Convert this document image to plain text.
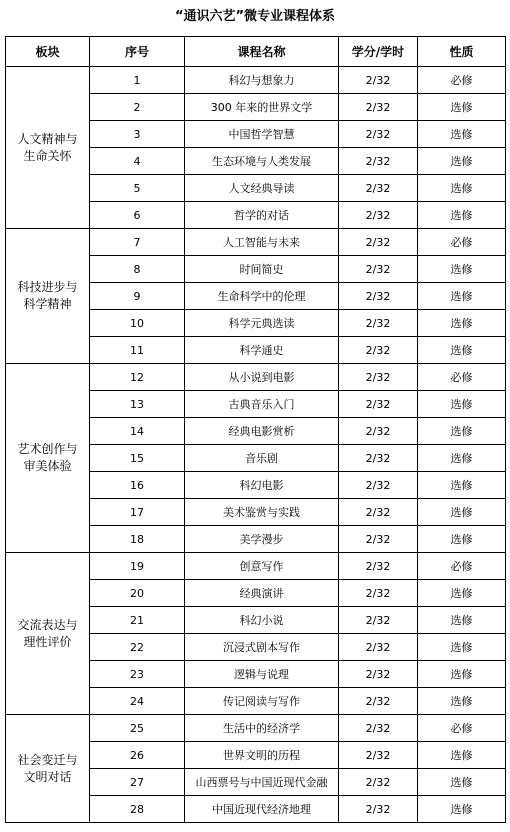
“通识六艺”微专业课程体系
板块	序号	课程名称	学分/学时	性质

人文精神与
生命关怀	1	科幻与想象力	2/32	必修
	2	300 年来的世界文学	2/32	选修
	3	中国哲学智慧	2/32	选修
	4	生态环境与人类发展	2/32	选修
	5	人文经典导读	2/32	选修
	6	哲学的对话	2/32	选修

科技进步与
科学精神	7	人工智能与未来	2/32	必修
	8	时间简史	2/32	选修
	9	生命科学中的伦理	2/32	选修
	10	科学元典选读	2/32	选修
	11	科学通史	2/32	选修

艺术创作与
审美体验	12	从小说到电影	2/32	必修
	13	古典音乐入门	2/32	选修
	14	经典电影赏析	2/32	选修
	15	音乐剧	2/32	选修
	16	科幻电影	2/32	选修
	17	美术鉴赏与实践	2/32	选修
	18	美学漫步	2/32	选修

交流表达与
理性评价	19	创意写作	2/32	必修
	20	经典演讲	2/32	选修
	21	科幻小说	2/32	选修
	22	沉浸式剧本写作	2/32	选修
	23	逻辑与说理	2/32	选修
	24	传记阅读与写作	2/32	选修

社会变迁与
文明对话	25	生活中的经济学	2/32	必修
	26	世界文明的历程	2/32	选修
	27	山西票号与中国近现代金融	2/32	选修
	28	中国近现代经济地理	2/32	选修
